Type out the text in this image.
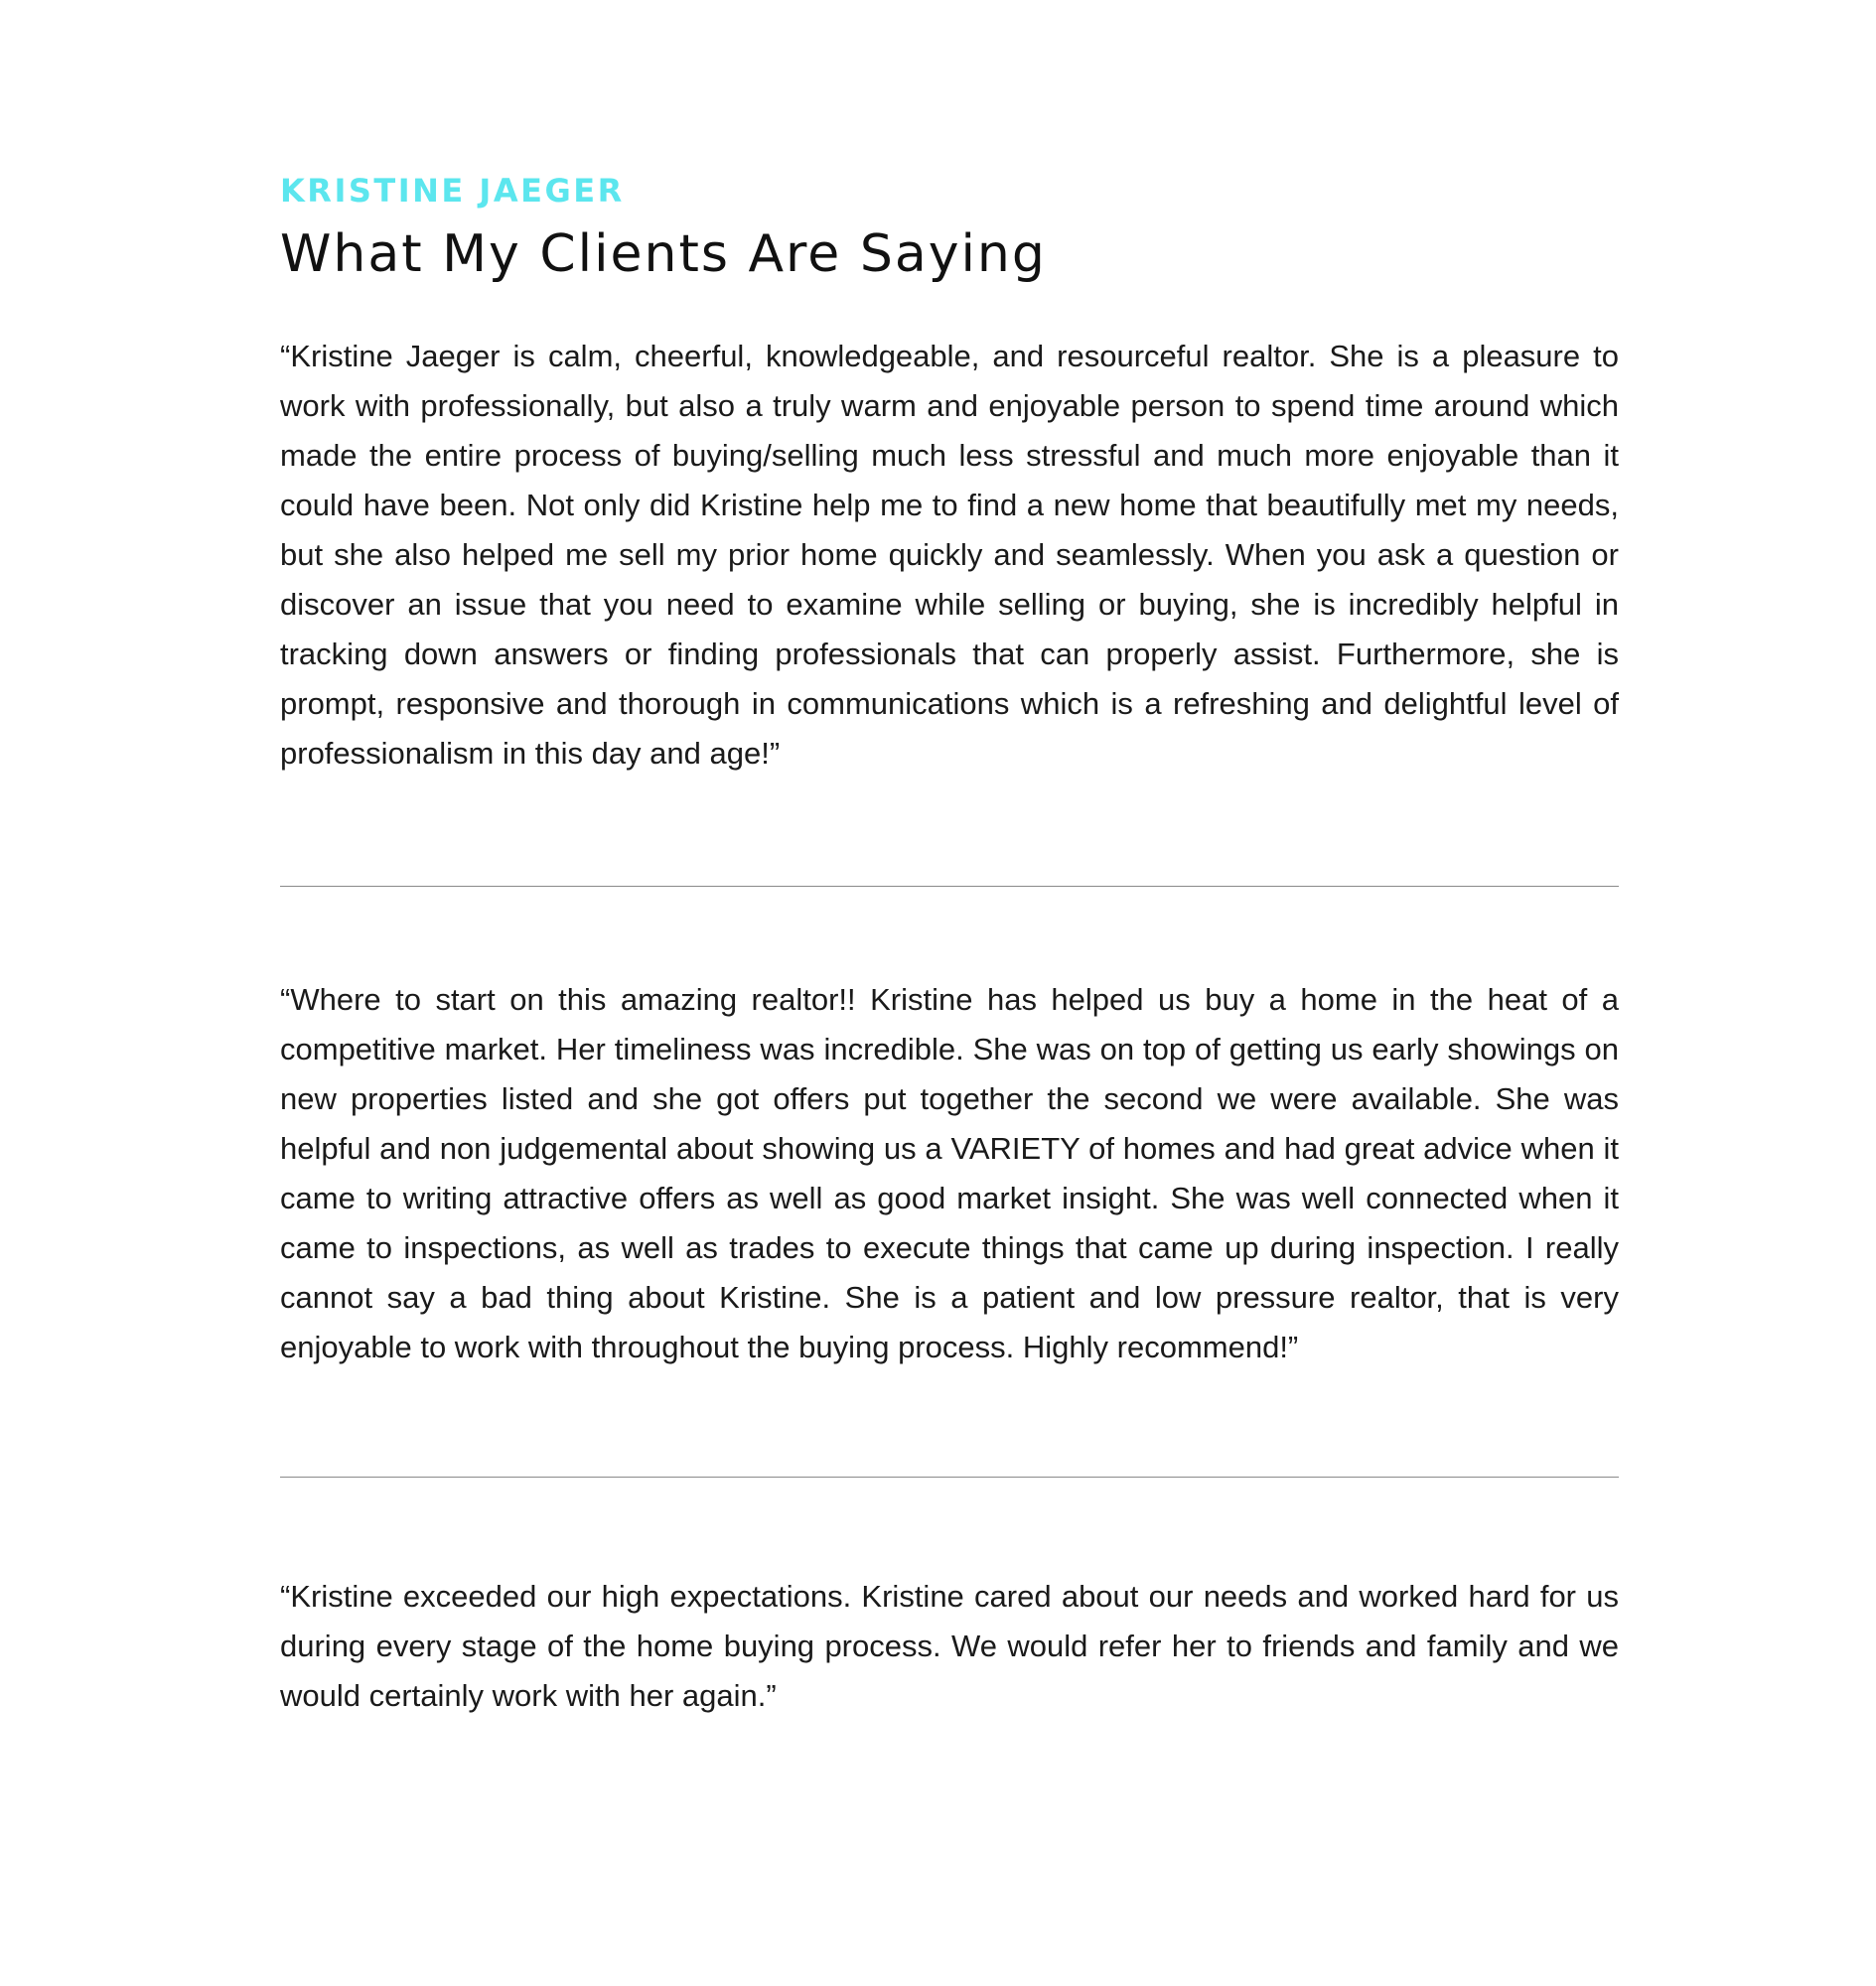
KRISTINE JAEGER
What My Clients Are Saying

“Kristine Jaeger is calm, cheerful, knowledgeable, and resourceful realtor. She is a pleasure to work with professionally, but also a truly warm and enjoyable person to spend time around which made the entire process of buying/selling much less stressful and much more enjoyable than it could have been. Not only did Kristine help me to find a new home that beautifully met my needs, but she also helped me sell my prior home quickly and seamlessly. When you ask a question or discover an issue that you need to examine while selling or buying, she is incredibly helpful in tracking down answers or finding professionals that can properly assist. Furthermore, she is prompt, responsive and thorough in communications which is a refreshing and delightful level of professionalism in this day and age!”

“Where to start on this amazing realtor!! Kristine has helped us buy a home in the heat of a competitive market. Her timeliness was incredible. She was on top of getting us early showings on new properties listed and she got offers put together the second we were available. She was helpful and non judgemental about showing us a VARIETY of homes and had great advice when it came to writing attractive offers as well as good market insight. She was well connected when it came to inspections, as well as trades to execute things that came up during inspection. I really cannot say a bad thing about Kristine. She is a patient and low pressure realtor, that is very enjoyable to work with throughout the buying process. Highly recommend!”

“Kristine exceeded our high expectations. Kristine cared about our needs and worked hard for us during every stage of the home buying process. We would refer her to friends and family and we would certainly work with her again.”
